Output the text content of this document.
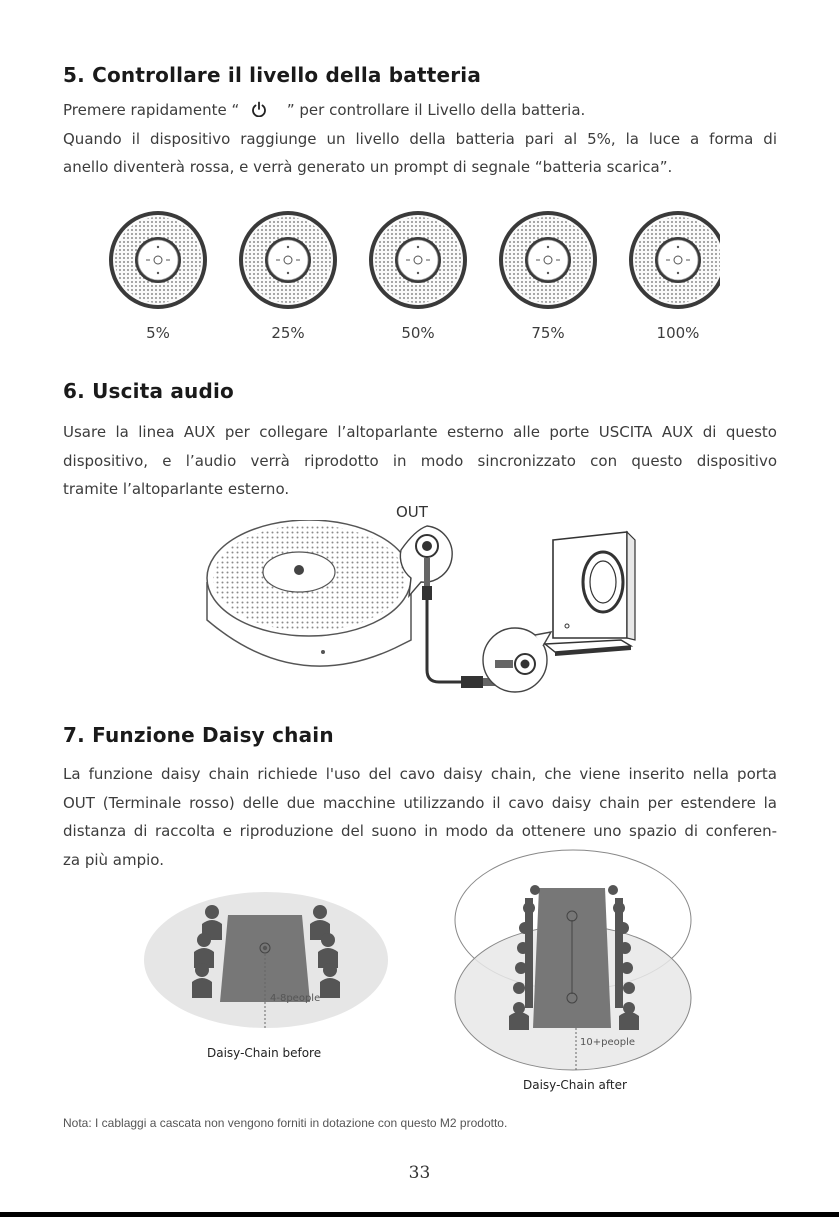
5. Controllare il livello della batteria
Premere rapidamente “	” per controllare il Livello della batteria.
Quando il dispositivo raggiunge un livello della batteria pari al 5%, la luce a forma di
anello diventerà rossa, e verrà generato un prompt di segnale “batteria scarica”.
5%	25%	50%	75%	100%
6. Uscita audio
Usare la linea AUX per collegare l’altoparlante esterno alle porte USCITA AUX di questo
dispositivo, e l’audio verrà riprodotto in modo sincronizzato con questo dispositivo
tramite l’altoparlante esterno.
OUT
7. Funzione Daisy chain
La funzione daisy chain richiede l'uso del cavo daisy chain, che viene inserito nella porta
OUT (Terminale rosso) delle due macchine utilizzando il cavo daisy chain per estendere la
distanza di raccolta e riproduzione del suono in modo da ottenere uno spazio di conferen-
za più ampio.
4-8people
Daisy-Chain before
10+people
Daisy-Chain after
Nota: I cablaggi a cascata non vengono forniti in dotazione con questo M2 prodotto.
33
